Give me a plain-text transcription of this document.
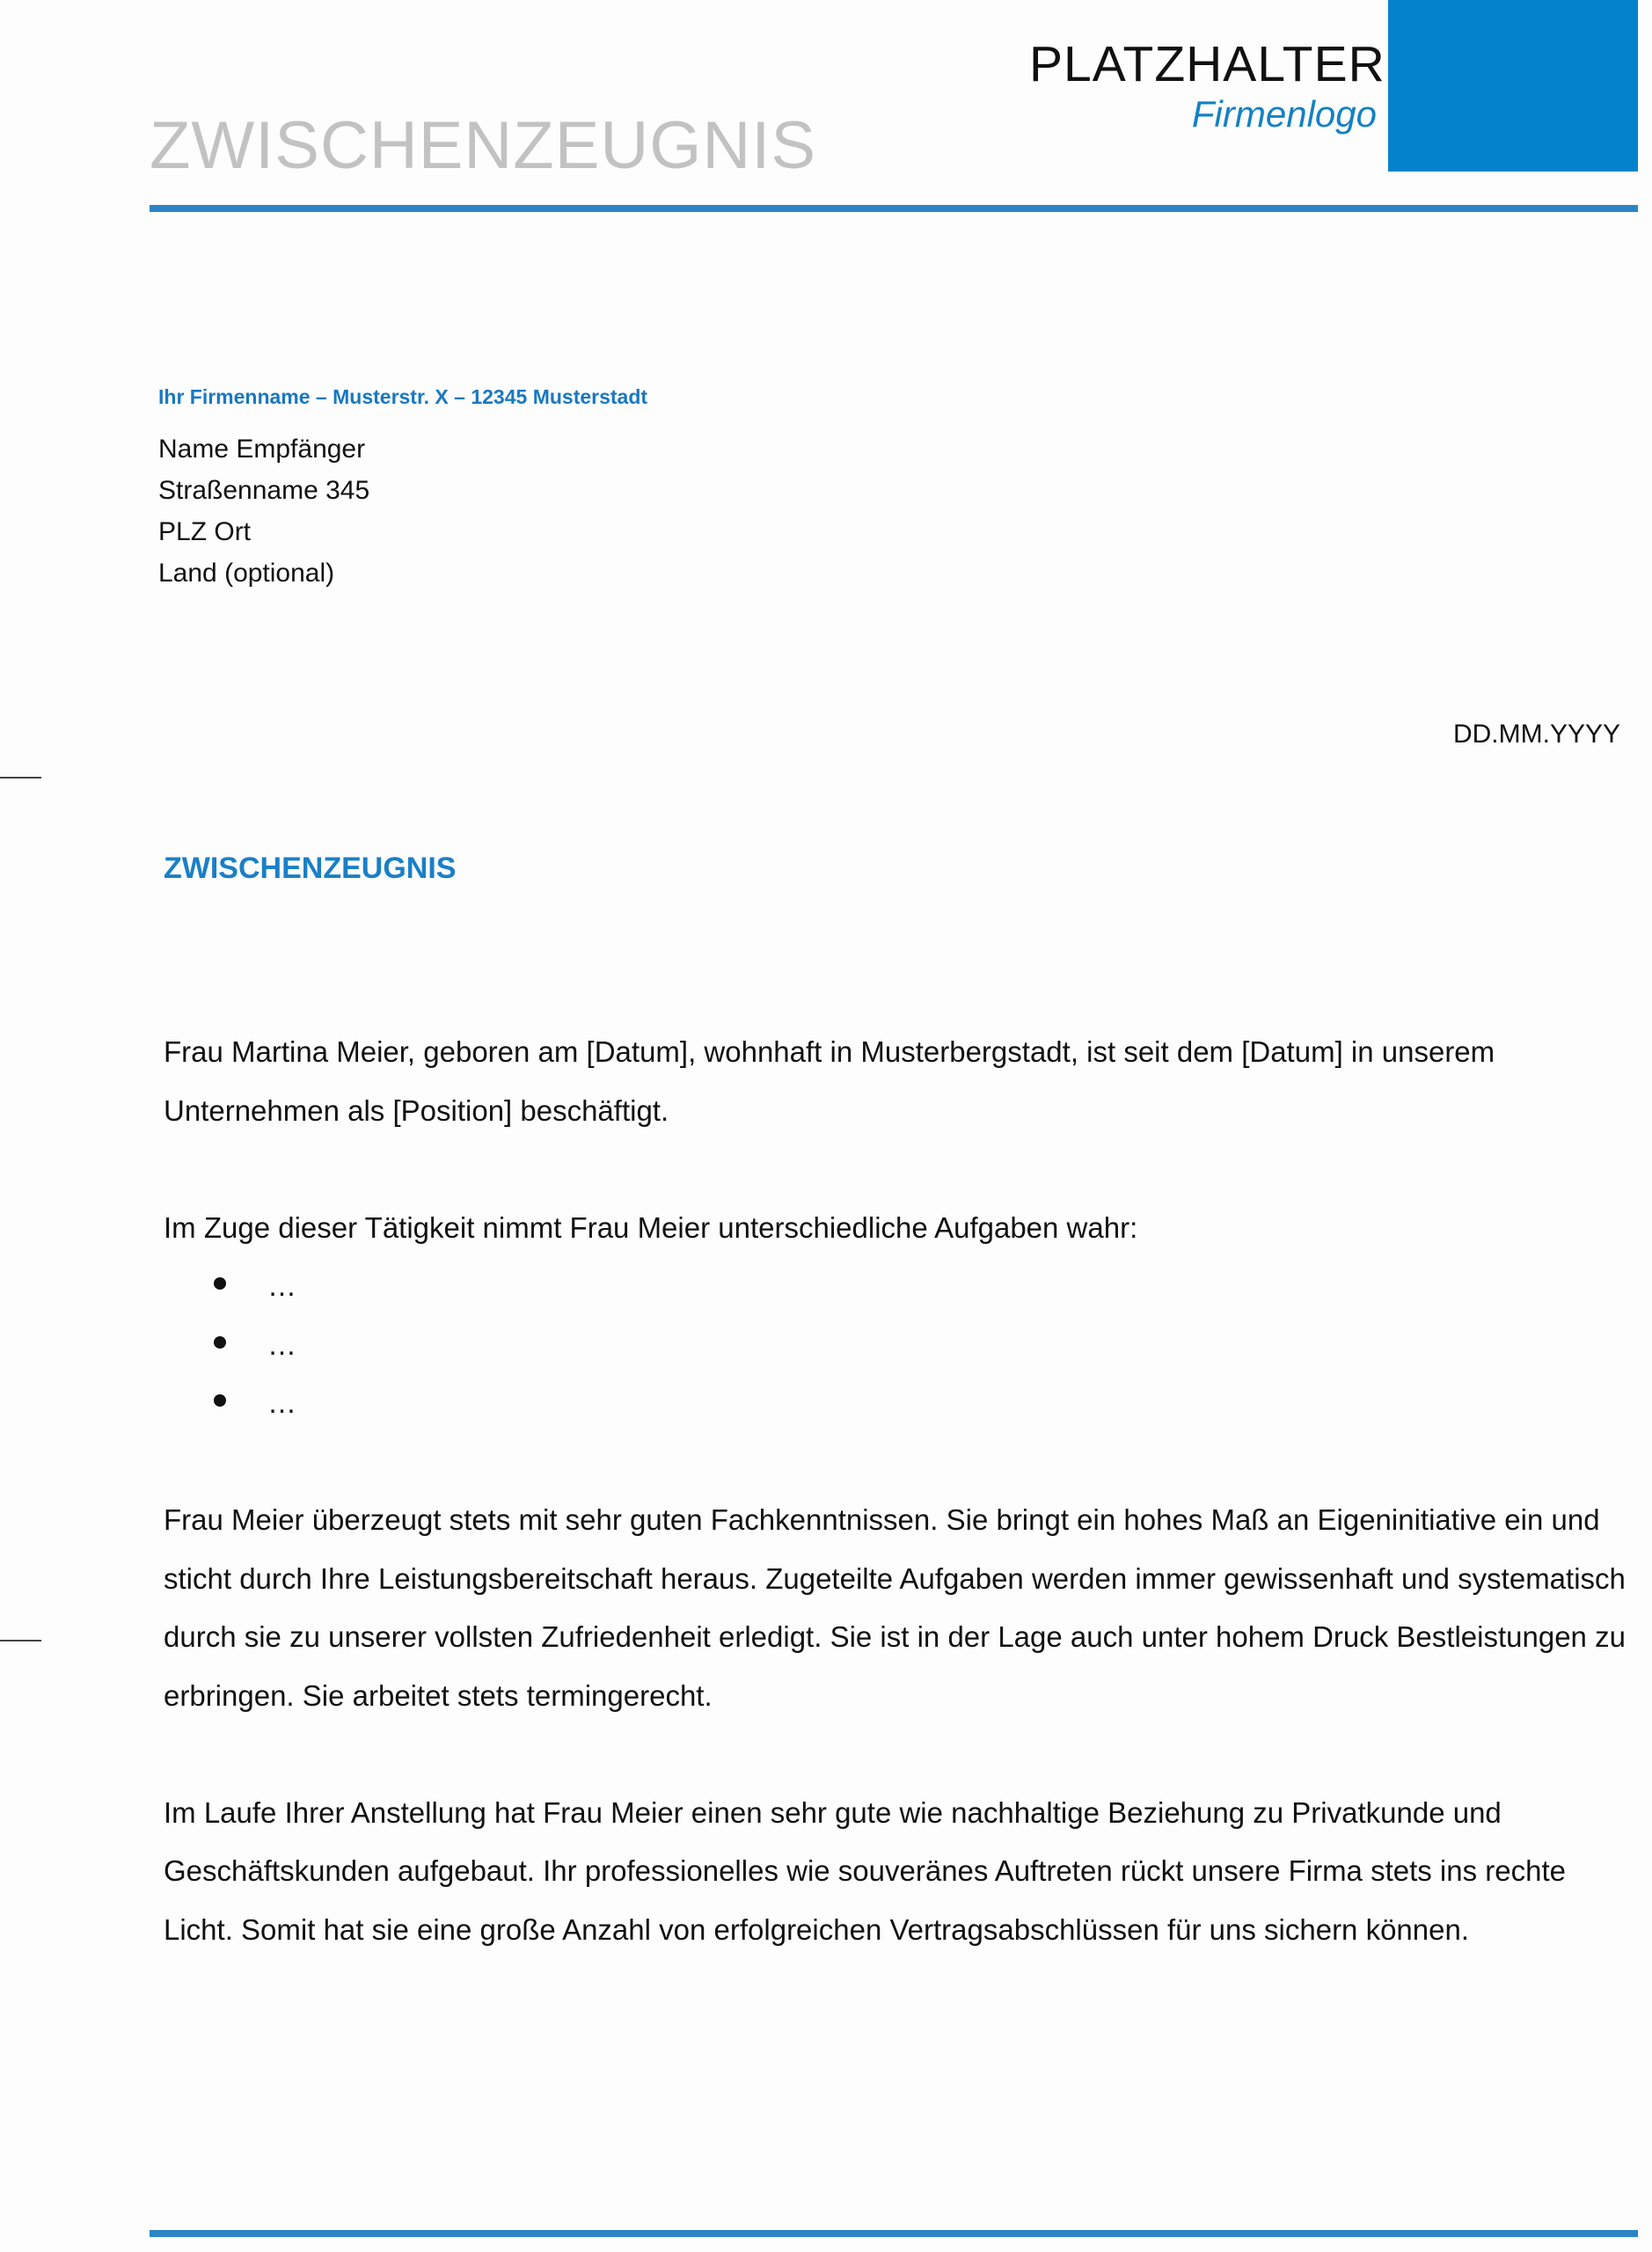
ZWISCHENZEUGNIS
PLATZHALTER
Firmenlogo
Ihr Firmenname – Musterstr. X – 12345 Musterstadt
Name Empfänger
Straßenname 345
PLZ Ort
Land (optional)
DD.MM.YYYY
ZWISCHENZEUGNIS

Frau Martina Meier, geboren am [Datum], wohnhaft in Musterbergstadt, ist seit dem [Datum] in unserem Unternehmen als [Position] beschäftigt.

Im Zuge dieser Tätigkeit nimmt Frau Meier unterschiedliche Aufgaben wahr:

…
…
…

Frau Meier überzeugt stets mit sehr guten Fachkenntnissen. Sie bringt ein hohes Maß an Eigeninitiative ein und sticht durch Ihre Leistungsbereitschaft heraus. Zugeteilte Aufgaben werden immer gewissenhaft und systematisch durch sie zu unserer vollsten Zufriedenheit erledigt. Sie ist in der Lage auch unter hohem Druck Bestleistungen zu erbringen. Sie arbeitet stets termingerecht.

Im Laufe Ihrer Anstellung hat Frau Meier einen sehr gute wie nachhaltige Beziehung zu Privatkunde und Geschäftskunden aufgebaut. Ihr professionelles wie souveränes Auftreten rückt unsere Firma stets ins rechte Licht. Somit hat sie eine große Anzahl von erfolgreichen Vertragsabschlüssen für uns sichern können.
